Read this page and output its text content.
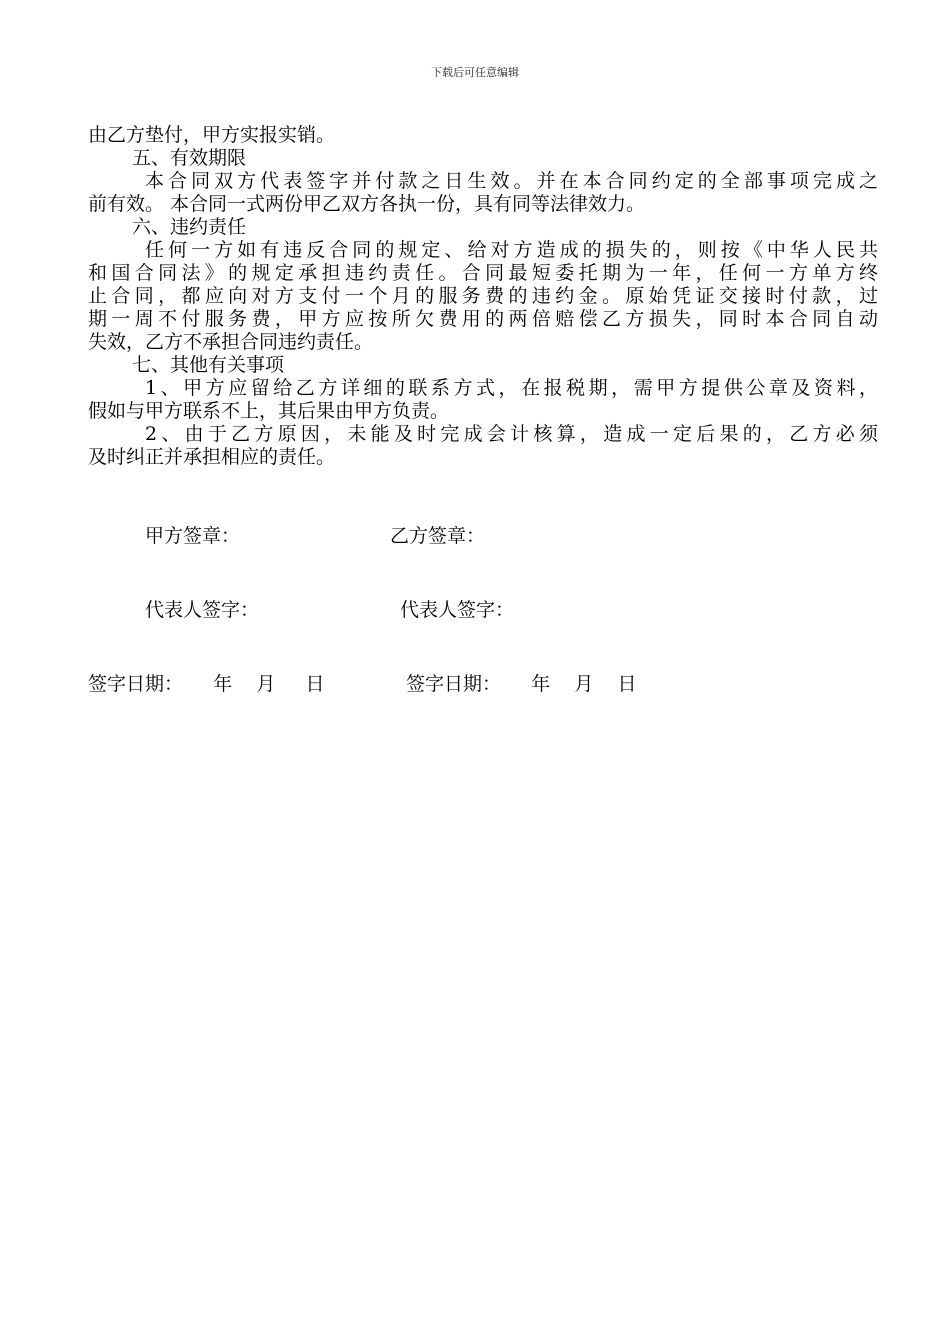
下载后可任意编辑
由乙方垫付，甲方实报实销。
五、有效期限
本合同双方代表签字并付款之日生效。并在本合同约定的全部事项完成之
前有效。 本合同一式两份甲乙双方各执一份，具有同等法律效力。
六、违约责任
任何一方如有违反合同的规定、给对方造成的损失的，则按《中华人民共
和国合同法》的规定承担违约责任。合同最短委托期为一年，任何一方单方终
止合同，都应向对方支付一个月的服务费的违约金。原始凭证交接时付款，过
期一周不付服务费，甲方应按所欠费用的两倍赔偿乙方损失，同时本合同自动
失效，乙方不承担合同违约责任。
七、其他有关事项
1、甲方应留给乙方详细的联系方式，在报税期，需甲方提供公章及资料，
假如与甲方联系不上，其后果由甲方负责。
2、由于乙方原因，未能及时完成会计核算，造成一定后果的，乙方必须
及时纠正并承担相应的责任。
甲方签章：	乙方签章：
代表人签字：	代表人签字：
签字日期：     年    月     日	签字日期：     年    月    日
